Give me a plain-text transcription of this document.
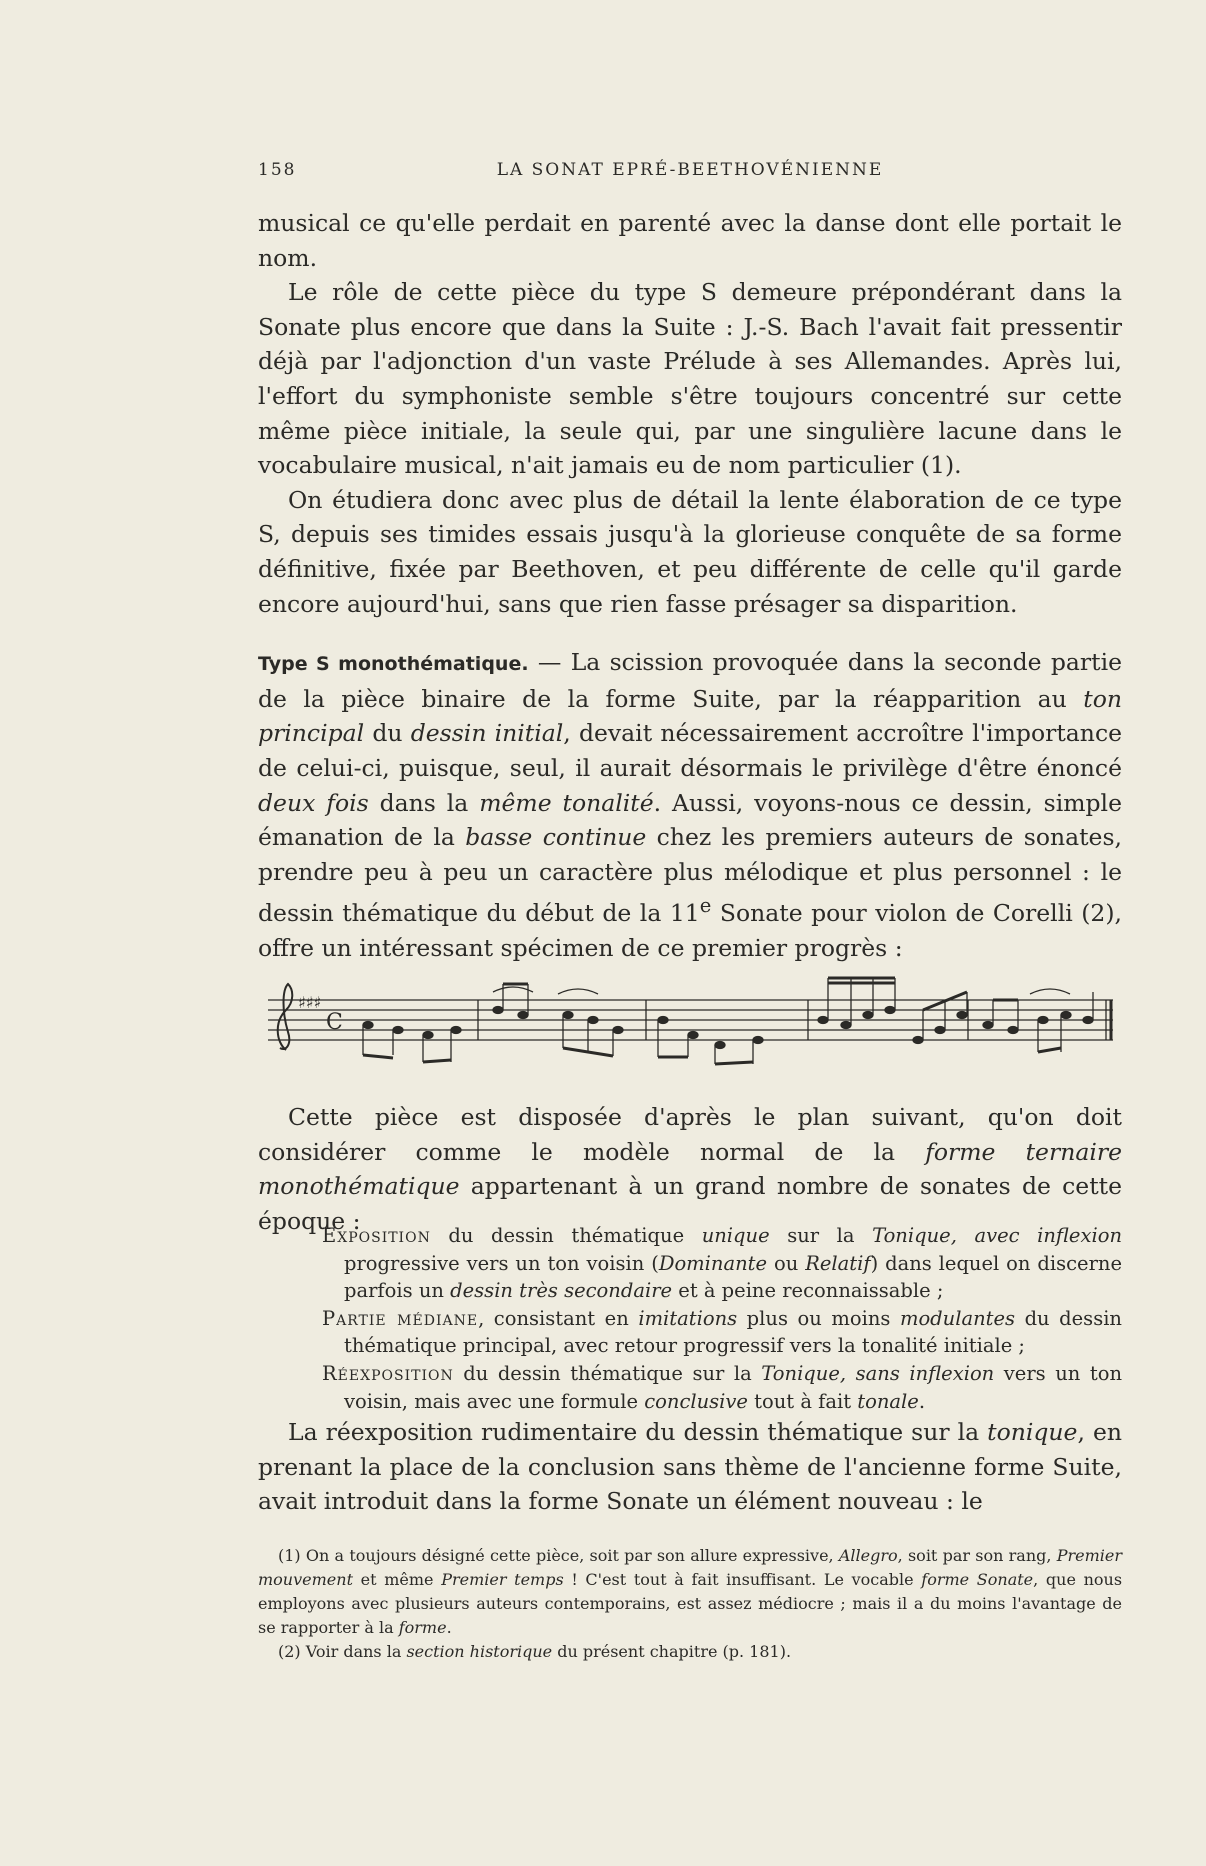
158	LA SONAT EPRÉ-BEETHOVÉNIENNE

musical ce qu'elle perdait en parenté avec la danse dont elle portait le nom.

Le rôle de cette pièce du type S demeure prépondérant dans la Sonate plus encore que dans la Suite : J.-S. Bach l'avait fait pressentir déjà par l'adjonction d'un vaste Prélude à ses Allemandes. Après lui, l'effort du symphoniste semble s'être toujours concentré sur cette même pièce initiale, la seule qui, par une singulière lacune dans le vocabulaire musical, n'ait jamais eu de nom particulier (1).

On étudiera donc avec plus de détail la lente élaboration de ce type S, depuis ses timides essais jusqu'à la glorieuse conquête de sa forme définitive, fixée par Beethoven, et peu différente de celle qu'il garde encore aujourd'hui, sans que rien fasse présager sa disparition.

Type S monothématique. — La scission provoquée dans la seconde partie de la pièce binaire de la forme Suite, par la réapparition au ton principal du dessin initial, devait nécessairement accroître l'importance de celui-ci, puisque, seul, il aurait désormais le privilège d'être énoncé deux fois dans la même tonalité. Aussi, voyons-nous ce dessin, simple émanation de la basse continue chez les premiers auteurs de sonates, prendre peu à peu un caractère plus mélodique et plus personnel : le dessin thématique du début de la 11e Sonate pour violon de Corelli (2), offre un intéressant spécimen de ce premier progrès :

♯♯♯
C

Cette pièce est disposée d'après le plan suivant, qu'on doit considérer comme le modèle normal de la forme ternaire monothématique appartenant à un grand nombre de sonates de cette époque :

Exposition du dessin thématique unique sur la Tonique, avec inflexion progressive vers un ton voisin (Dominante ou Relatif) dans lequel on discerne parfois un dessin très secondaire et à peine reconnaissable ;

Partie médiane, consistant en imitations plus ou moins modulantes du dessin thématique principal, avec retour progressif vers la tonalité initiale ;

Réexposition du dessin thématique sur la Tonique, sans inflexion vers un ton voisin, mais avec une formule conclusive tout à fait tonale.

La réexposition rudimentaire du dessin thématique sur la tonique, en prenant la place de la conclusion sans thème de l'ancienne forme Suite, avait introduit dans la forme Sonate un élément nouveau : le

(1) On a toujours désigné cette pièce, soit par son allure expressive, Allegro, soit par son rang, Premier mouvement et même Premier temps ! C'est tout à fait insuffisant. Le vocable forme Sonate, que nous employons avec plusieurs auteurs contemporains, est assez médiocre ; mais il a du moins l'avantage de se rapporter à la forme.

(2) Voir dans la section historique du présent chapitre (p. 181).
